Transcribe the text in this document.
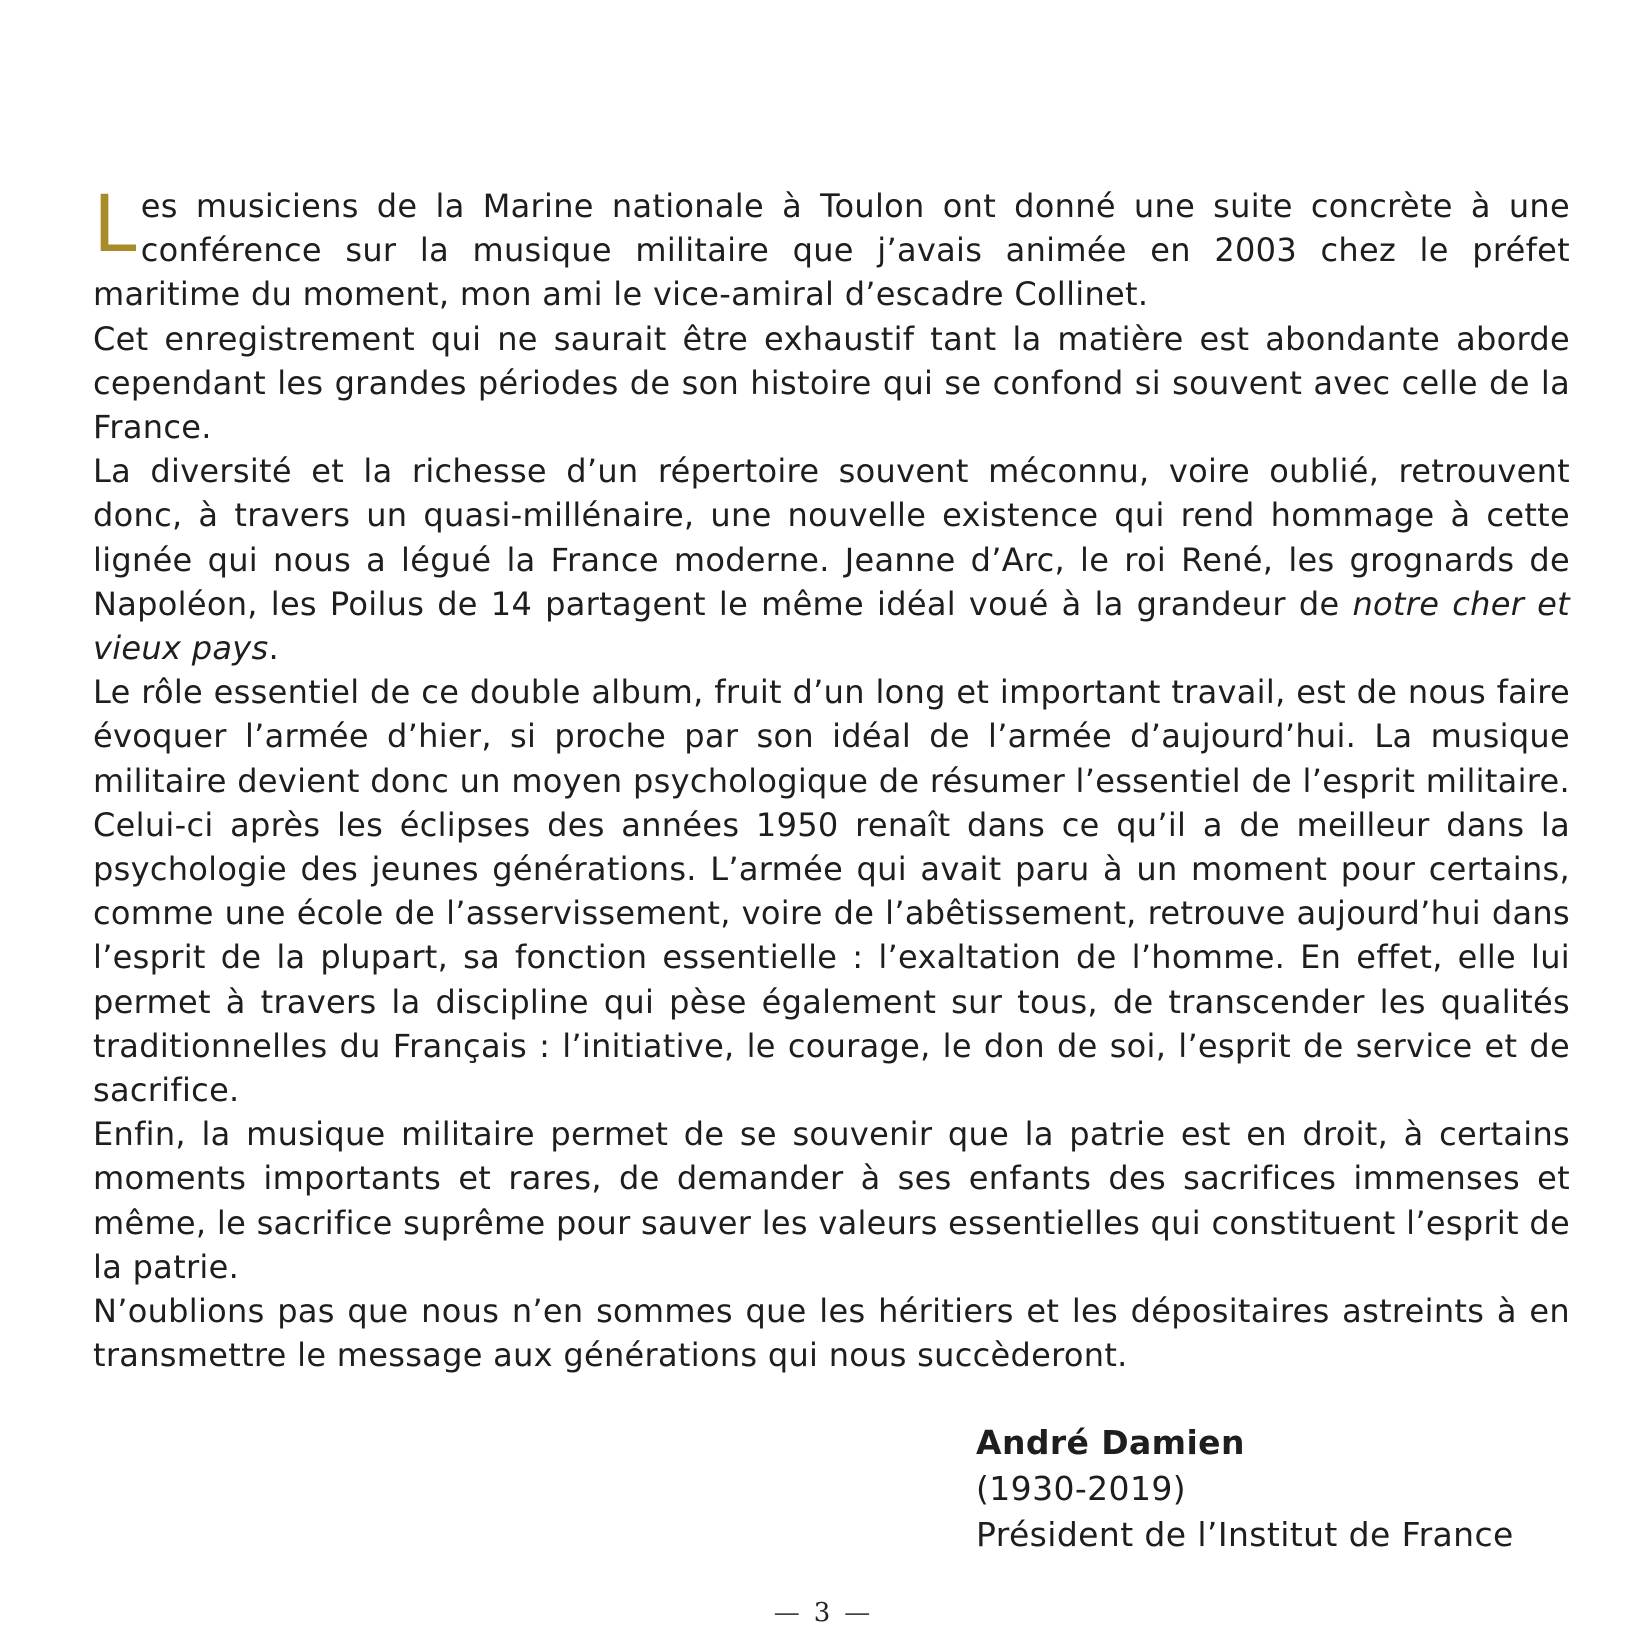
Les musiciens de la Marine nationale à Toulon ont donné une suite concrète à une conférence sur la musique militaire que j’avais animée en 2003 chez le préfet maritime du moment, mon ami le vice-amiral d’escadre Collinet.

Cet enregistrement qui ne saurait être exhaustif tant la matière est abondante aborde cependant les grandes périodes de son histoire qui se confond si souvent avec celle de la France.

La diversité et la richesse d’un répertoire souvent méconnu, voire oublié, retrouvent donc, à travers un quasi-millénaire, une nouvelle existence qui rend hommage à cette lignée qui nous a légué la France moderne. Jeanne d’Arc, le roi René, les grognards de Napoléon, les Poilus de 14 partagent le même idéal voué à la grandeur de notre cher et vieux pays.

Le rôle essentiel de ce double album, fruit d’un long et important travail, est de nous faire évoquer l’armée d’hier, si proche par son idéal de l’armée d’aujourd’hui. La musique militaire devient donc un moyen psychologique de résumer l’essentiel de l’esprit militaire. Celui-ci après les éclipses des années 1950 renaît dans ce qu’il a de meilleur dans la psychologie des jeunes générations. L’armée qui avait paru à un moment pour certains, comme une école de l’asservissement, voire de l’abêtissement, retrouve aujourd’hui dans l’esprit de la plupart, sa fonction essentielle : l’exaltation de l’homme. En effet, elle lui permet à travers la discipline qui pèse également sur tous, de transcender les qualités traditionnelles du Français : l’initiative, le courage, le don de soi, l’esprit de service et de sacrifice.

Enfin, la musique militaire permet de se souvenir que la patrie est en droit, à certains moments importants et rares, de demander à ses enfants des sacrifices immenses et même, le sacrifice suprême pour sauver les valeurs essentielles qui constituent l’esprit de la patrie.

N’oublions pas que nous n’en sommes que les héritiers et les dépositaires astreints à en transmettre le message aux générations qui nous succèderont.

André Damien
(1930-2019)
Président de l’Institut de France
— 3 —
